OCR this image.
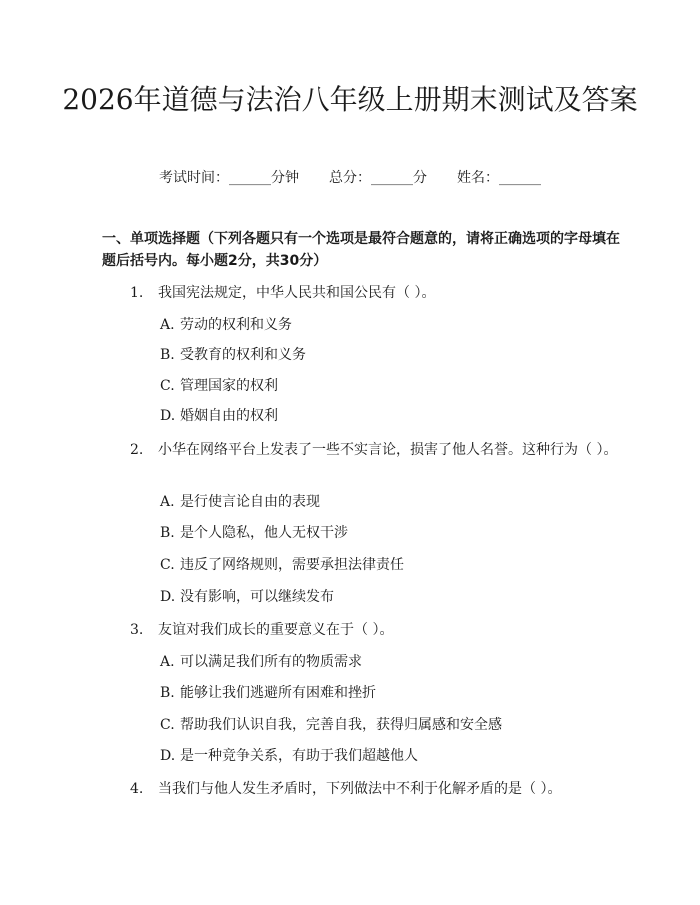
2026年道德与法治八年级上册期末测试及答案
考试时间：______分钟 总分：______分 姓名：______

一、单项选择题（下列各题只有一个选项是最符合题意的，请将正确选项的字母填在题后括号内。每小题2分，共30分）

1. 我国宪法规定，中华人民共和国公民有（ ）。

A. 劳动的权利和义务

B. 受教育的权利和义务

C. 管理国家的权利

D. 婚姻自由的权利

2. 小华在网络平台上发表了一些不实言论，损害了他人名誉。这种行为（ ）。

A. 是行使言论自由的表现

B. 是个人隐私，他人无权干涉

C. 违反了网络规则，需要承担法律责任

D. 没有影响，可以继续发布

3. 友谊对我们成长的重要意义在于（ ）。

A. 可以满足我们所有的物质需求

B. 能够让我们逃避所有困难和挫折

C. 帮助我们认识自我，完善自我，获得归属感和安全感

D. 是一种竞争关系，有助于我们超越他人

4. 当我们与他人发生矛盾时，下列做法中不利于化解矛盾的是（ ）。
